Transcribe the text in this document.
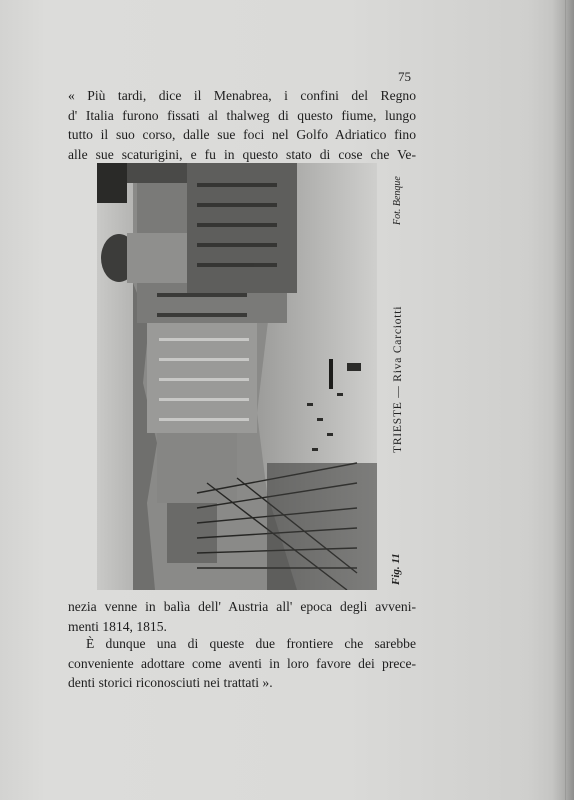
75
« Più tardi, dice il Menabrea, i confini del Regno
d' Italia furono fissati al thalweg di questo fiume, lungo
tutto il suo corso, dalle sue foci nel Golfo Adriatico fino
alle sue scaturigini, e fu in questo stato di cose che Ve-
Fot. Benque
TRIESTE — Riva Carciotti
Fig. 11
nezia venne in balìa dell' Austria all' epoca degli avveni-
menti 1814, 1815.
È dunque una di queste due frontiere che sarebbe
conveniente adottare come aventi in loro favore dei prece-
denti storici riconosciuti nei trattati ».
